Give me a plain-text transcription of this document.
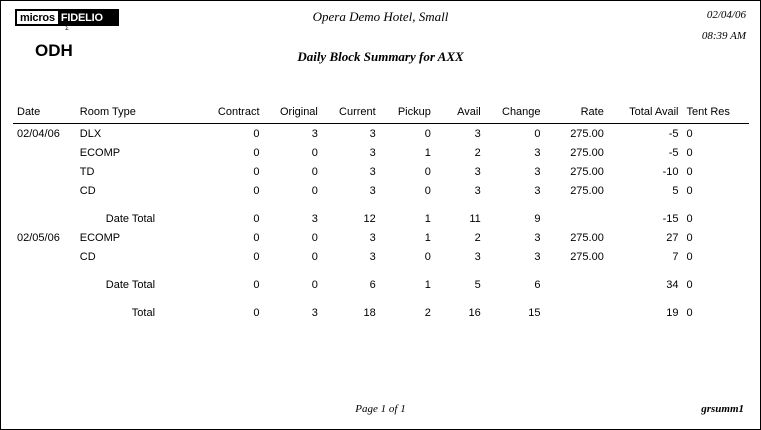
micros FIDELIO
Σ
ODH
Opera Demo Hotel, Small
Daily Block Summary for AXX
02/04/06
08:39 AM
Date	Room Type	Contract	Original	Current	Pickup	Avail	Change	Rate	Total Avail	Tent Res
02/04/06	DLX	0	3	3	0	3	0	275.00	-5	0
	ECOMP	0	0	3	1	2	3	275.00	-5	0
	TD	0	0	3	0	3	3	275.00	-10	0
	CD	0	0	3	0	3	3	275.00	5	0

	Date Total	0	3	12	1	11	9		-15	0
02/05/06	ECOMP	0	0	3	1	2	3	275.00	27	0
	CD	0	0	3	0	3	3	275.00	7	0

	Date Total	0	0	6	1	5	6		34	0

	Total	0	3	18	2	16	15		19	0
Page 1 of 1	grsumm1
